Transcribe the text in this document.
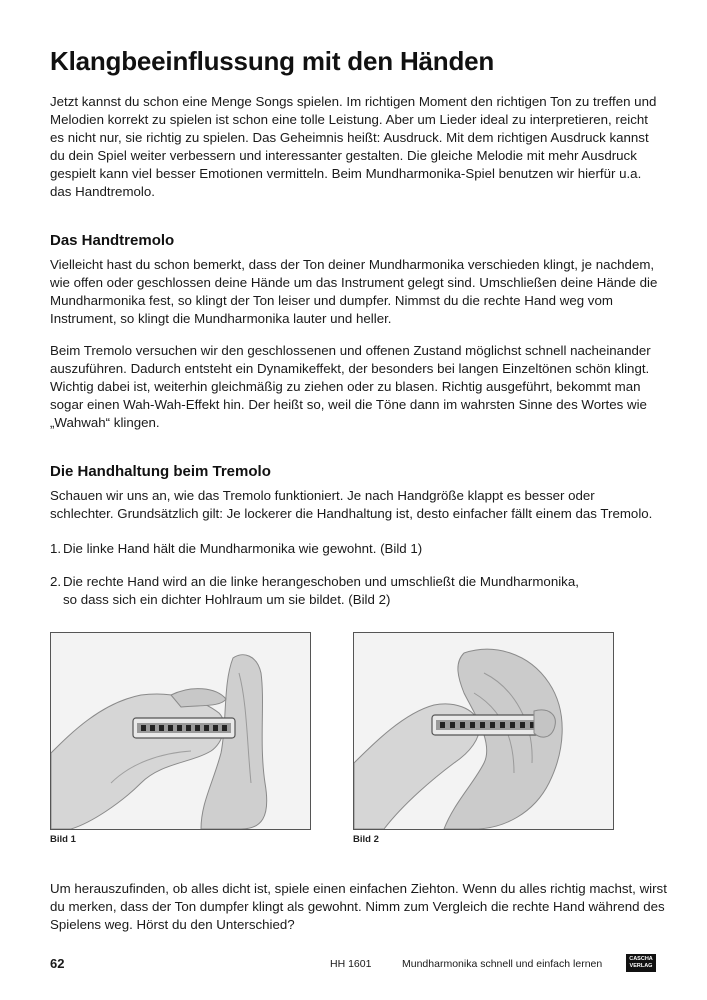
Klangbeeinflussung mit den Händen

Jetzt kannst du schon eine Menge Songs spielen. Im richtigen Moment den richtigen Ton zu treffen und Melodien korrekt zu spielen ist schon eine tolle Leistung. Aber um Lieder ideal zu interpretieren, reicht es nicht nur, sie richtig zu spielen. Das Geheimnis heißt: Ausdruck. Mit dem richtigen Ausdruck kannst du dein Spiel weiter verbessern und interessanter gestalten. Die gleiche Melodie mit mehr Ausdruck gespielt kann viel besser Emotionen vermitteln. Beim Mundharmonika-Spiel benutzen wir hierfür u.a. das Handtremolo.

Das Handtremolo

Vielleicht hast du schon bemerkt, dass der Ton deiner Mundharmonika verschieden klingt, je nachdem, wie offen oder geschlossen deine Hände um das Instrument gelegt sind. Umschließen deine Hände die Mundharmonika fest, so klingt der Ton leiser und dumpfer. Nimmst du die rechte Hand weg vom Instrument, so klingt die Mundharmonika lauter und heller.

Beim Tremolo versuchen wir den geschlossenen und offenen Zustand möglichst schnell nacheinander auszuführen. Dadurch entsteht ein Dynamikeffekt, der besonders bei langen Einzeltönen schön klingt. Wichtig dabei ist, weiterhin gleichmäßig zu ziehen oder zu blasen. Richtig ausgeführt, bekommt man sogar einen Wah-Wah-Effekt hin. Der heißt so, weil die Töne dann im wahrsten Sinne des Wortes wie „Wahwah“ klingen.

Die Handhaltung beim Tremolo

Schauen wir uns an, wie das Tremolo funktioniert. Je nach Handgröße klappt es besser oder schlechter. Grundsätzlich gilt: Je lockerer die Handhaltung ist, desto einfacher fällt einem das Tremolo.

1. Die linke Hand hält die Mundharmonika wie gewohnt. (Bild 1)

2. Die rechte Hand wird an die linke herangeschoben und umschließt die Mundharmonika,
so dass sich ein dichter Hohlraum um sie bildet. (Bild 2)

Bild 1	Bild 2

Um herauszufinden, ob alles dicht ist, spiele einen einfachen Ziehton. Wenn du alles richtig machst, wirst du merken, dass der Ton dumpfer klingt als gewohnt. Nimm zum Vergleich die rechte Hand während des Spielens weg. Hörst du den Unterschied?

62	HH 1601	Mundharmonika schnell und einfach lernen	CASCHA
VERLAG
